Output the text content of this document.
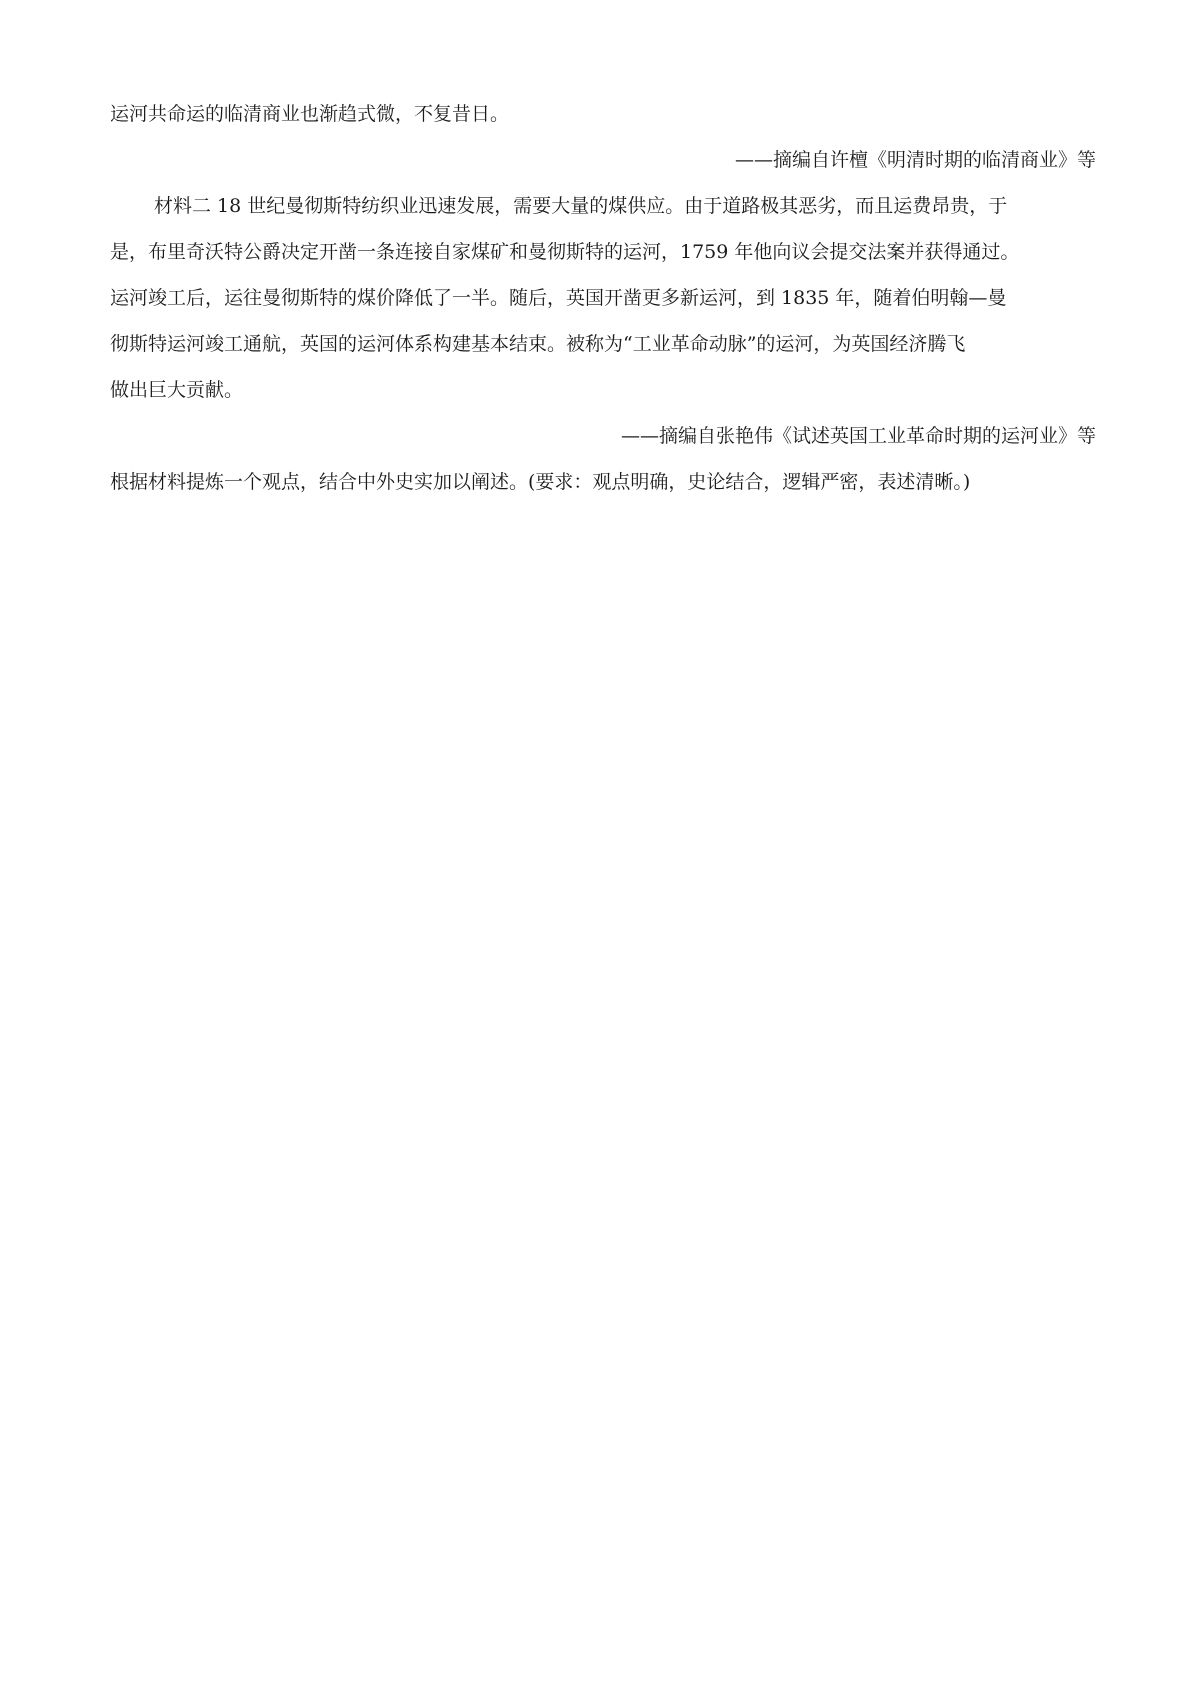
运河共命运的临清商业也渐趋式微，不复昔日。
——摘编自许檀《明清时期的临清商业》等
材料二 18 世纪曼彻斯特纺织业迅速发展，需要大量的煤供应。由于道路极其恶劣，而且运费昂贵，于
是，布里奇沃特公爵决定开凿一条连接自家煤矿和曼彻斯特的运河，1759 年他向议会提交法案并获得通过。
运河竣工后，运往曼彻斯特的煤价降低了一半。随后，英国开凿更多新运河，到 1835 年，随着伯明翰—曼
彻斯特运河竣工通航，英国的运河体系构建基本结束。被称为“工业革命动脉”的运河，为英国经济腾飞
做出巨大贡献。
——摘编自张艳伟《试述英国工业革命时期的运河业》等
根据材料提炼一个观点，结合中外史实加以阐述。(要求：观点明确，史论结合，逻辑严密，表述清晰。)
